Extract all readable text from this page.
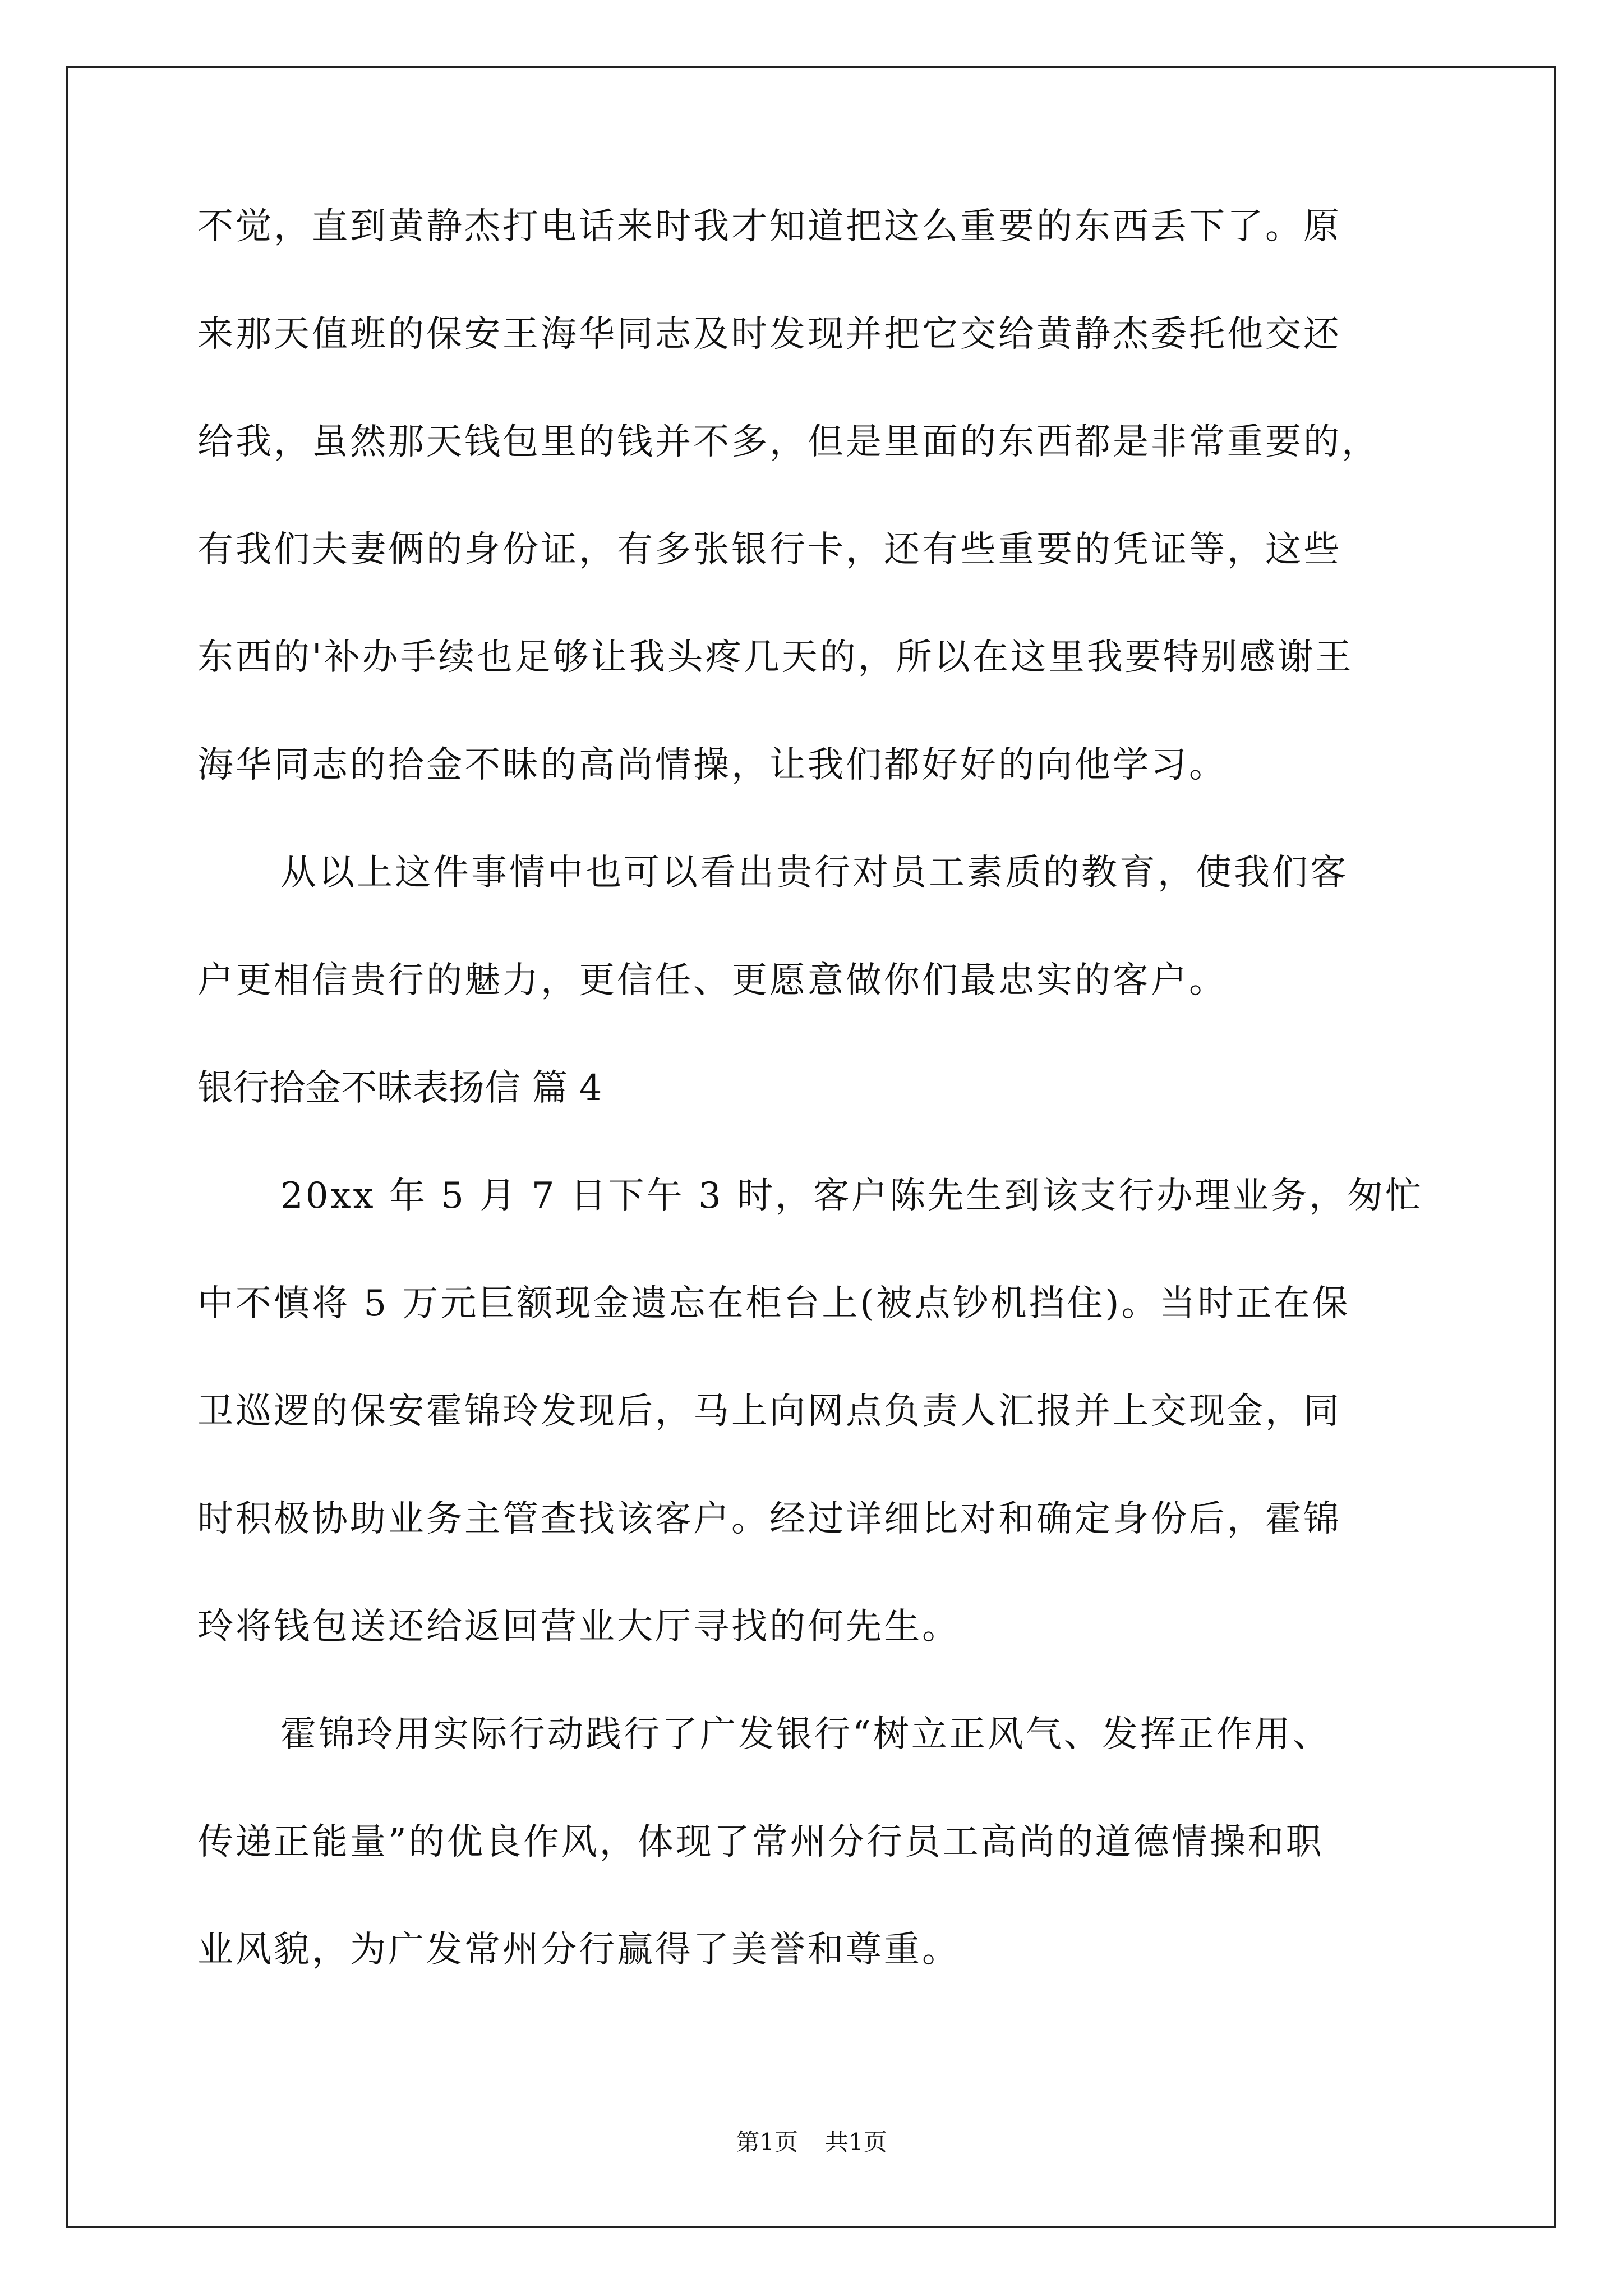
不觉，直到黄静杰打电话来时我才知道把这么重要的东西丢下了。原
来那天值班的保安王海华同志及时发现并把它交给黄静杰委托他交还
给我，虽然那天钱包里的钱并不多，但是里面的东西都是非常重要的，
有我们夫妻俩的身份证，有多张银行卡，还有些重要的凭证等，这些
东西的'补办手续也足够让我头疼几天的，所以在这里我要特别感谢王
海华同志的拾金不昧的高尚情操，让我们都好好的向他学习。
从以上这件事情中也可以看出贵行对员工素质的教育，使我们客
户更相信贵行的魅力，更信任、更愿意做你们最忠实的客户。
银行拾金不昧表扬信 篇 4
20xx 年 5 月 7 日下午 3 时，客户陈先生到该支行办理业务，匆忙
中不慎将 5 万元巨额现金遗忘在柜台上(被点钞机挡住)。当时正在保
卫巡逻的保安霍锦玲发现后，马上向网点负责人汇报并上交现金，同
时积极协助业务主管查找该客户。经过详细比对和确定身份后，霍锦
玲将钱包送还给返回营业大厅寻找的何先生。
霍锦玲用实际行动践行了广发银行“树立正风气、发挥正作用、
传递正能量”的优良作风，体现了常州分行员工高尚的道德情操和职
业风貌，为广发常州分行赢得了美誉和尊重。
第1页 共1页
